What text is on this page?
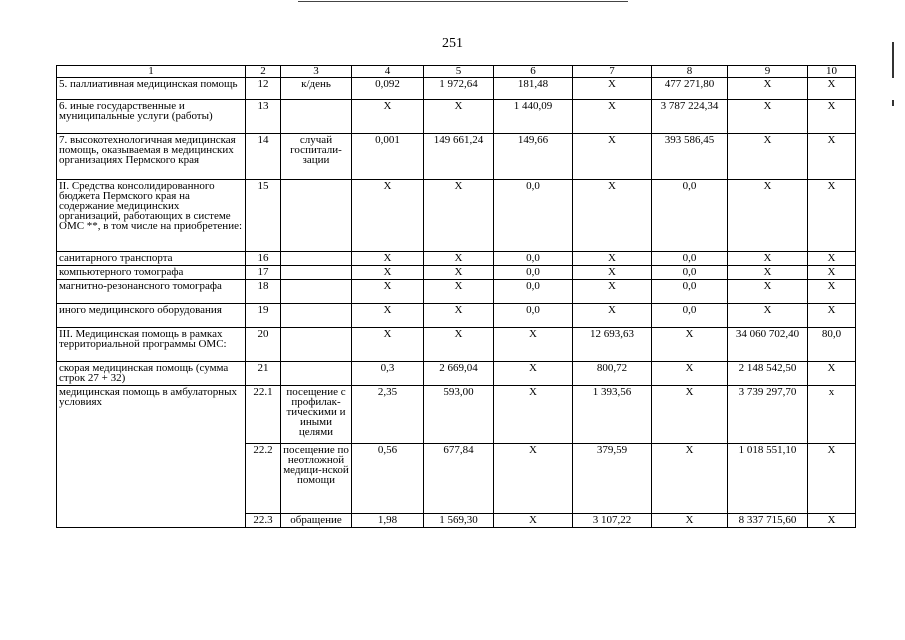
251
1	2	3	4	5	6	7	8	9	10
5. паллиативная медицинская помощь	12	к/день	0,092	1 972,64	181,48	X	477 271,80	X	X
6. иные государственные и муниципальные услуги (работы)	13		X	X	1 440,09	X	3 787 224,34	X	X
7. высокотехнологичная медицинская помощь, оказываемая в медицинских организациях Пермского края	14	случай госпитали-зации	0,001	149 661,24	149,66	X	393 586,45	X	X
II. Средства консолидированного бюджета Пермского края на содержание медицинских организаций, работающих в системе ОМС **, в том числе на приобретение:	15		X	X	0,0	X	0,0	X	X
санитарного транспорта	16		X	X	0,0	X	0,0	X	X
компьютерного томографа	17		X	X	0,0	X	0,0	X	X
магнитно-резонансного томографа	18		X	X	0,0	X	0,0	X	X
иного медицинского оборудования	19		X	X	0,0	X	0,0	X	X
III. Медицинская помощь в рамках территориальной программы ОМС:	20		X	X	X	12 693,63	X	34 060 702,40	80,0
скорая медицинская помощь (сумма строк 27 + 32)	21		0,3	2 669,04	X	800,72	X	2 148 542,50	X
медицинская помощь в амбулаторных условиях	22.1	посещение с профилак-тическими и иными целями	2,35	593,00	X	1 393,56	X	3 739 297,70	x
	22.2	посещение по неотложной медици-нской помощи	0,56	677,84	X	379,59	X	1 018 551,10	X
	22.3	обращение	1,98	1 569,30	X	3 107,22	X	8 337 715,60	X
